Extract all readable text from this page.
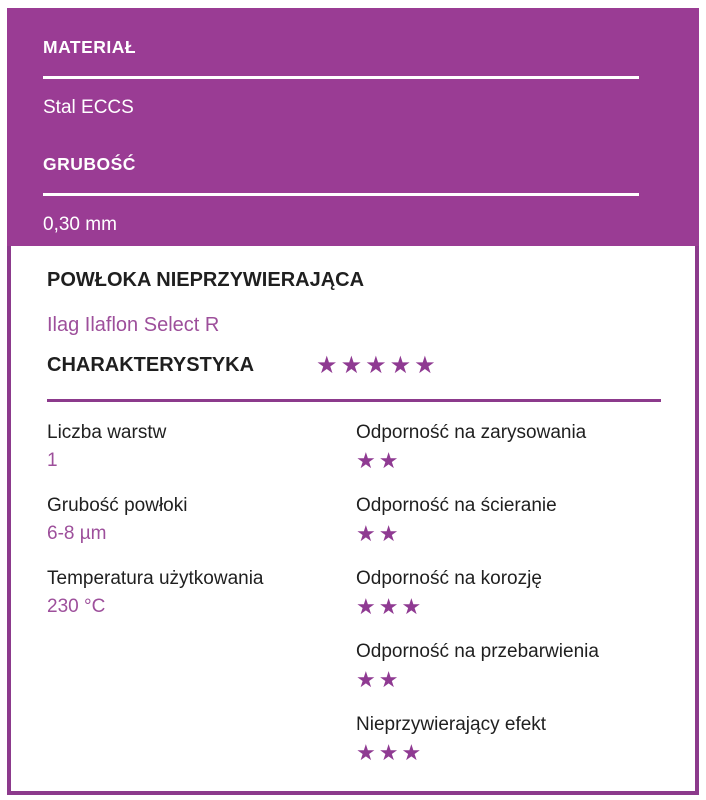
MATERIAŁ
Stal ECCS
GRUBOŚĆ
0,30 mm
POWŁOKA NIEPRZYWIERAJĄCA
Ilag Ilaflon Select R
CHARAKTERYSTYKA	★★★★★
Liczba warstw
1
Grubość powłoki
6-8 µm
Temperatura użytkowania
230 °C
Odporność na zarysowania
★★
Odporność na ścieranie
★★
Odporność na korozję
★★★
Odporność na przebarwienia
★★
Nieprzywierający efekt
★★★
